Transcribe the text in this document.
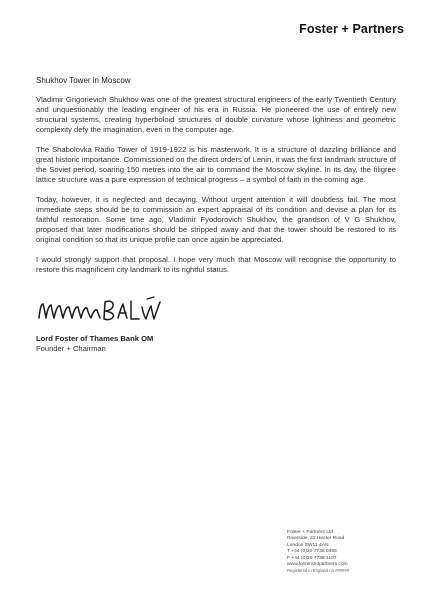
Foster + Partners
Shukhov Tower in Moscow

Vladimir Grigorievich Shukhov was one of the greatest structural engineers of the early Twentieth Century and unquestionably the leading engineer of his era in Russia. He pioneered the use of entirely new structural systems, creating hyperboloid structures of double curvature whose lightness and geometric complexity defy the imagination, even in the computer age.

The Shabolovka Radio Tower of 1919-1922 is his masterwork. It is a structure of dazzling brilliance and great historic importance. Commissioned on the direct orders of Lenin, it was the first landmark structure of the Soviet period, soaring 150 metres into the air to command the Moscow skyline. In its day, the filigree lattice structure was a pure expression of technical progress – a symbol of faith in the coming age.

Today, however, it is neglected and decaying. Without urgent attention it will doubtless fail. The most immediate steps should be to commission an expert appraisal of its condition and devise a plan for its faithful restoration. Some time ago, Vladimir Fyodorovich Shukhov, the grandson of V G Shukhov, proposed that later modifications should be stripped away and that the tower should be restored to its original condition so that its unique profile can once again be appreciated.

I would strongly support that proposal. I hope very much that Moscow will recognise the opportunity to restore this magnificent city landmark to its rightful status.

Lord Foster of Thames Bank OM
Founder + Chairman
Foster + Partners Ltd
Riverside, 22 Hester Road
London SW11 4AN
T +44 (0)20 7738 0455
F +44 (0)20 7738 1107
www.fosterandpartners.com
Registered in England no.######
